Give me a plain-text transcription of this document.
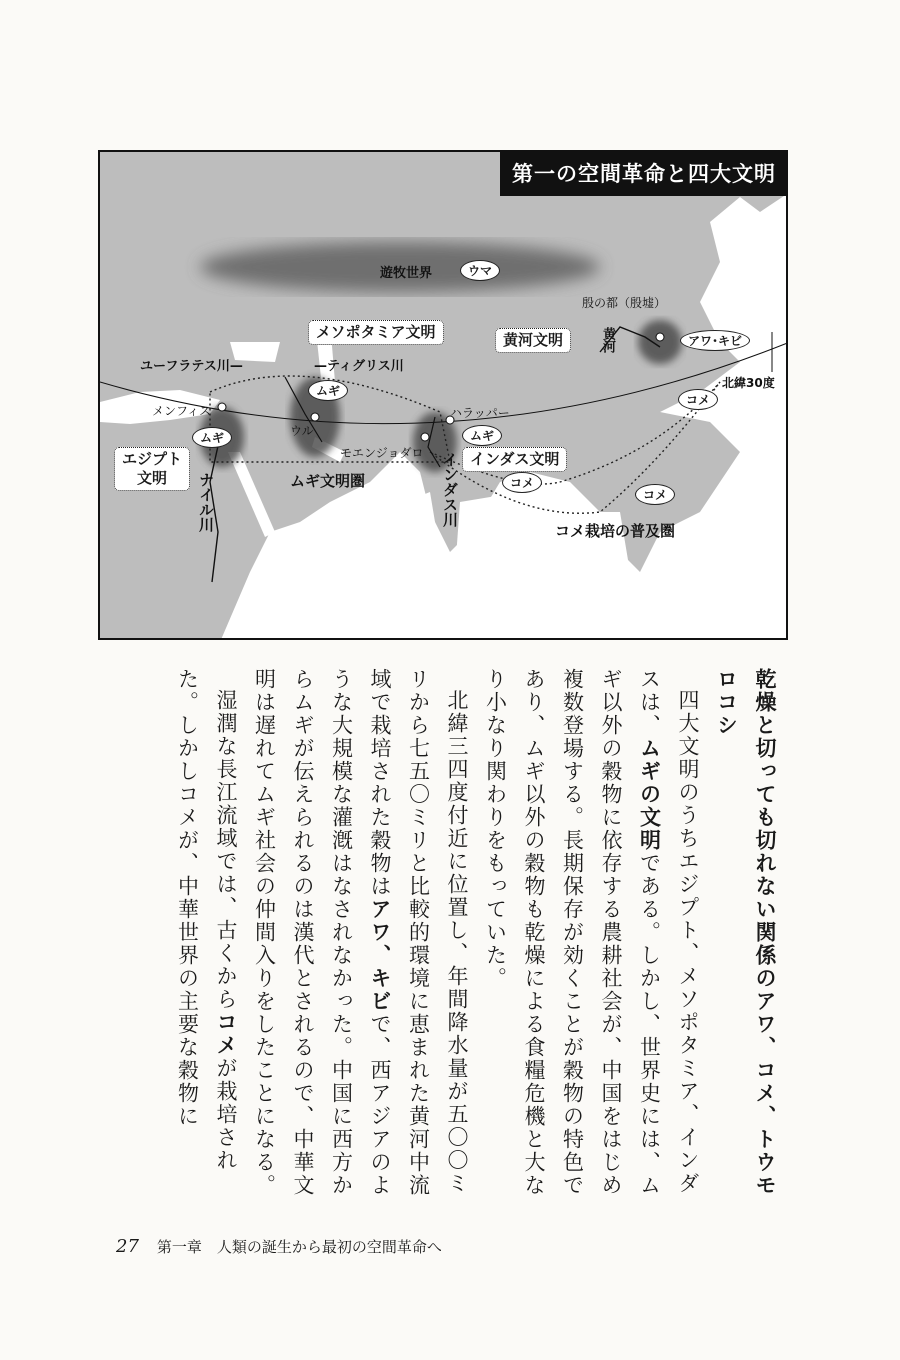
第一の空間革命と四大文明
遊牧世界	ウマ
殷の都（殷墟）
メソポタミア文明	黄河文明	アワ･キビ
黄河
ユーフラテス川—	—ティグリス川
北緯30度
ムギ
メンフィス	ハラッパー
コメ
ウル
ムギ	ムギ
モエンジョダロ
エジプト
文明
インダス文明
ムギ文明圏	コメ
コメ
ナイル川	インダス川
コメ栽培の普及圏

乾燥と切っても切れない関係のアワ、コメ、トウモロコシ

四大文明のうちエジプト、メソポタミア、インダスは、ムギの文明である。しかし、世界史には、ムギ以外の穀物に依存する農耕社会が、中国をはじめ複数登場する。長期保存が効くことが穀物の特色であり、ムギ以外の穀物も乾燥による食糧危機と大なり小なり関わりをもっていた。

北緯三四度付近に位置し、年間降水量が五〇〇ミリから七五〇ミリと比較的環境に恵まれた黄河中流域で栽培された穀物はアワ、キビで、西アジアのような大規模な灌漑はなされなかった。中国に西方からムギが伝えられるのは漢代とされるので、中華文明は遅れてムギ社会の仲間入りをしたことになる。

湿潤な長江流域では、古くからコメが栽培された。しかしコメが、中華世界の主要な穀物に

27 第一章　人類の誕生から最初の空間革命へ
